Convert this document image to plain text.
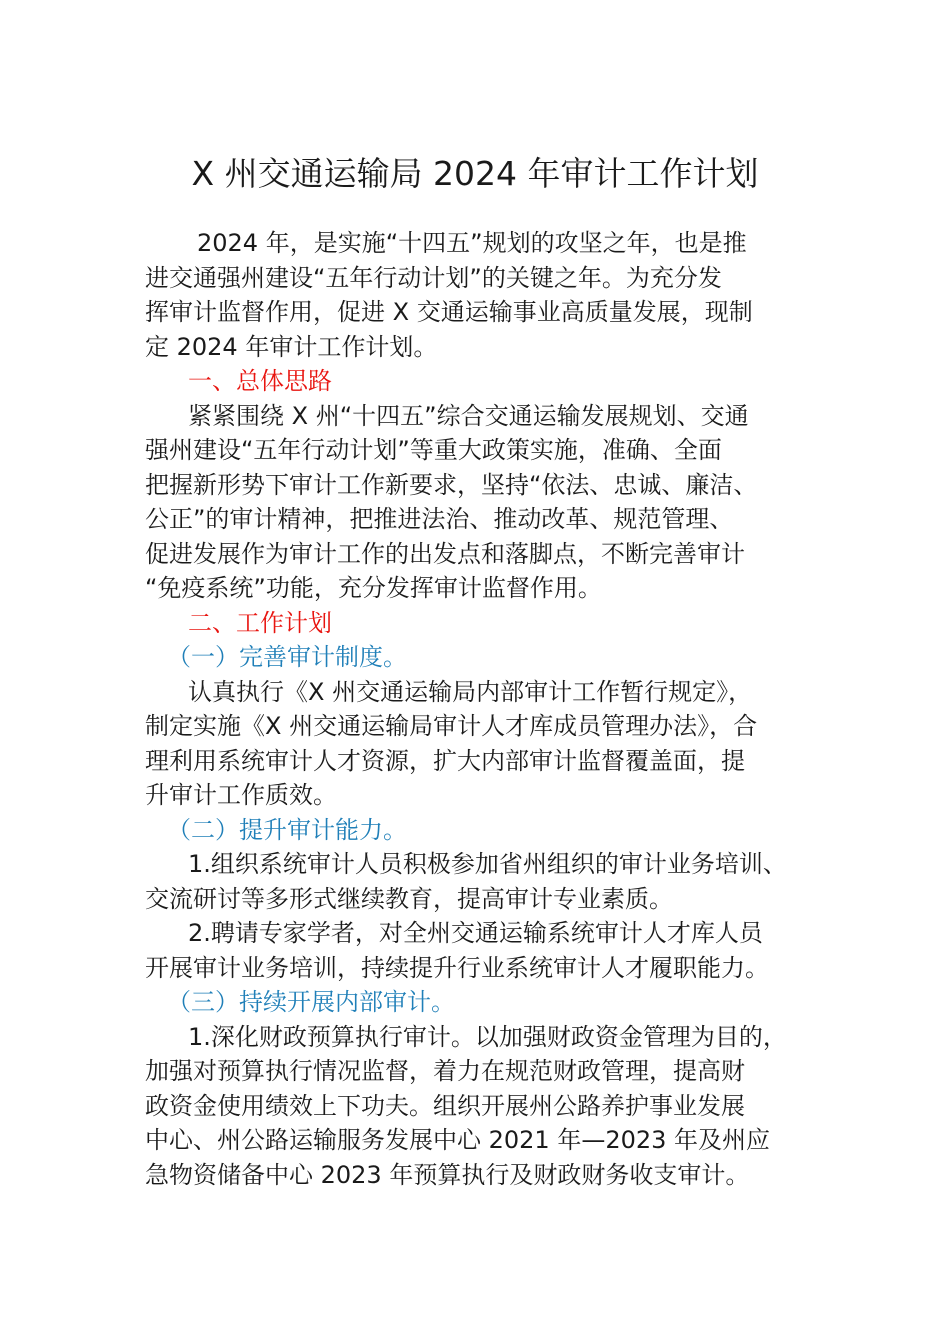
X 州交通运输局 2024 年审计工作计划
2024 年，是实施“十四五”规划的攻坚之年，也是推
进交通强州建设“五年行动计划”的关键之年。为充分发
挥审计监督作用，促进 X 交通运输事业高质量发展，现制
定 2024 年审计工作计划。
一、总体思路
紧紧围绕 X 州“十四五”综合交通运输发展规划、交通
强州建设“五年行动计划”等重大政策实施，准确、全面
把握新形势下审计工作新要求，坚持“依法、忠诚、廉洁、
公正”的审计精神，把推进法治、推动改革、规范管理、
促进发展作为审计工作的出发点和落脚点，不断完善审计
“免疫系统”功能，充分发挥审计监督作用。
二、工作计划
（一）完善审计制度。
认真执行《X 州交通运输局内部审计工作暂行规定》，
制定实施《X 州交通运输局审计人才库成员管理办法》，合
理利用系统审计人才资源，扩大内部审计监督覆盖面，提
升审计工作质效。
（二）提升审计能力。
1.组织系统审计人员积极参加省州组织的审计业务培训、
交流研讨等多形式继续教育，提高审计专业素质。
2.聘请专家学者，对全州交通运输系统审计人才库人员
开展审计业务培训，持续提升行业系统审计人才履职能力。
（三）持续开展内部审计。
1.深化财政预算执行审计。以加强财政资金管理为目的，
加强对预算执行情况监督，着力在规范财政管理，提高财
政资金使用绩效上下功夫。组织开展州公路养护事业发展
中心、州公路运输服务发展中心 2021 年—2023 年及州应
急物资储备中心 2023 年预算执行及财政财务收支审计。
